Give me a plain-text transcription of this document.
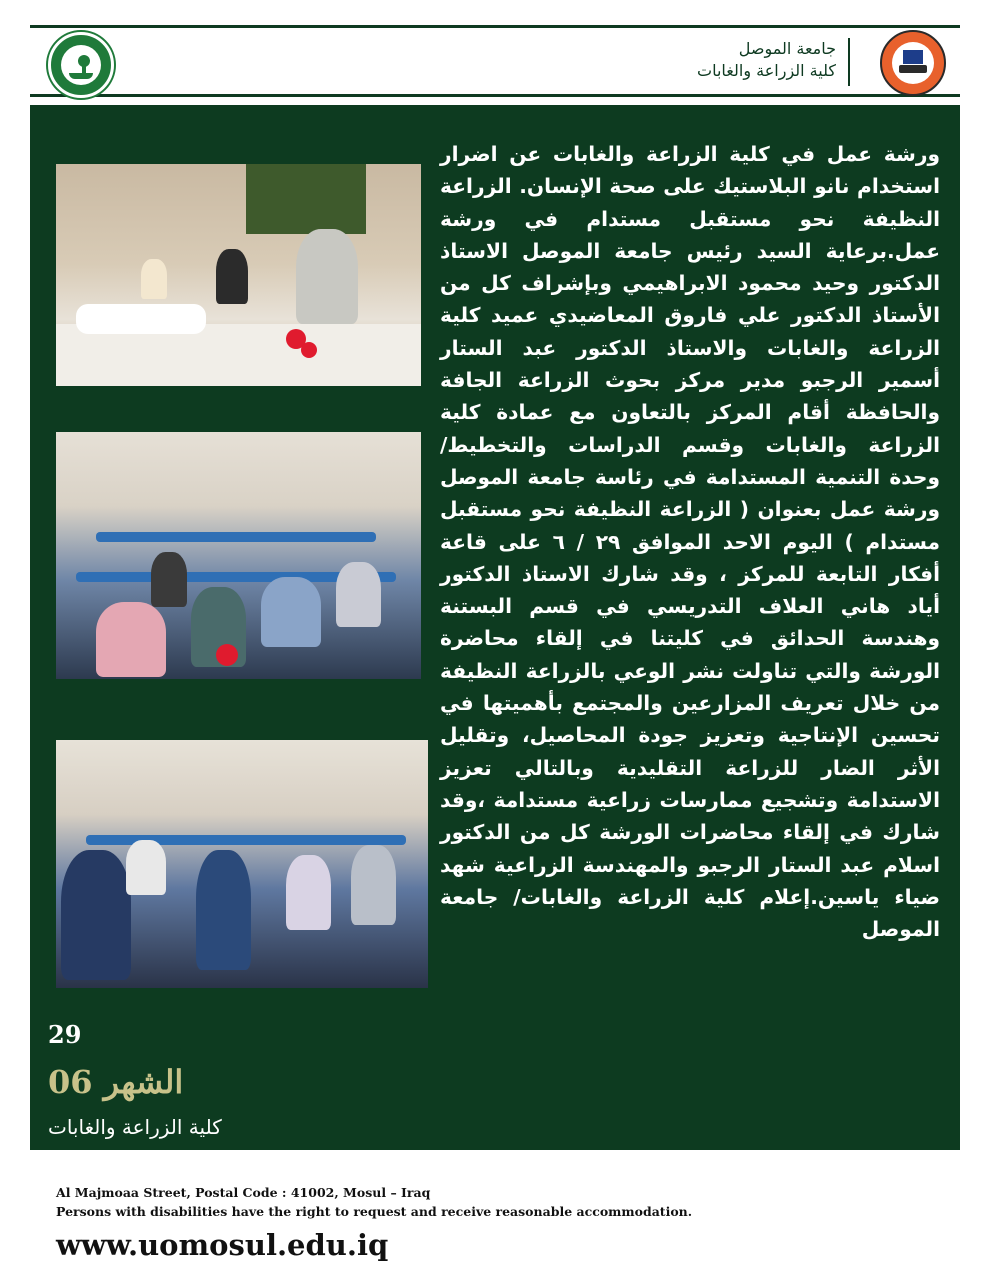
جامعة الموصل
كلية الزراعة والغابات

ورشة عمل في كلية الزراعة والغابات عن اضرار استخدام نانو البلاستيك على صحة الإنسان. الزراعة النظيفة نحو مستقبل مستدام في ورشة عمل.برعاية السيد رئيس جامعة الموصل الاستاذ الدكتور وحيد محمود الابراهيمي وبإشراف كل من الأستاذ الدكتور علي فاروق المعاضيدي عميد كلية الزراعة والغابات والاستاذ الدكتور عبد الستار أسمير الرجبو مدير مركز بحوث الزراعة الجافة والحافظة أقام المركز بالتعاون مع عمادة كلية الزراعة والغابات وقسم الدراسات والتخطيط/ وحدة التنمية المستدامة في رئاسة جامعة الموصل ورشة عمل بعنوان ( الزراعة النظيفة نحو مستقبل مستدام ) اليوم الاحد الموافق ٢٩ / ٦ على قاعة أفكار التابعة للمركز ، وقد شارك الاستاذ الدكتور أياد هاني العلاف التدريسي في قسم البستنة وهندسة الحدائق في كليتنا في إلقاء محاضرة الورشة والتي تناولت نشر الوعي بالزراعة النظيفة من خلال تعريف المزارعين والمجتمع بأهميتها في تحسين الإنتاجية وتعزيز جودة المحاصيل، وتقليل الأثر الضار للزراعة التقليدية وبالتالي تعزيز الاستدامة وتشجيع ممارسات زراعية مستدامة ،وقد شارك في إلقاء محاضرات الورشة كل من الدكتور اسلام عبد الستار الرجبو والمهندسة الزراعية شهد ضياء ياسين.إعلام كلية الزراعة والغابات/ جامعة الموصل

29
الشهر 06
كلية الزراعة والغابات
Al Majmoaa Street, Postal Code : 41002, Mosul – Iraq
Persons with disabilities have the right to request and receive reasonable accommodation.
www.uomosul.edu.iq
